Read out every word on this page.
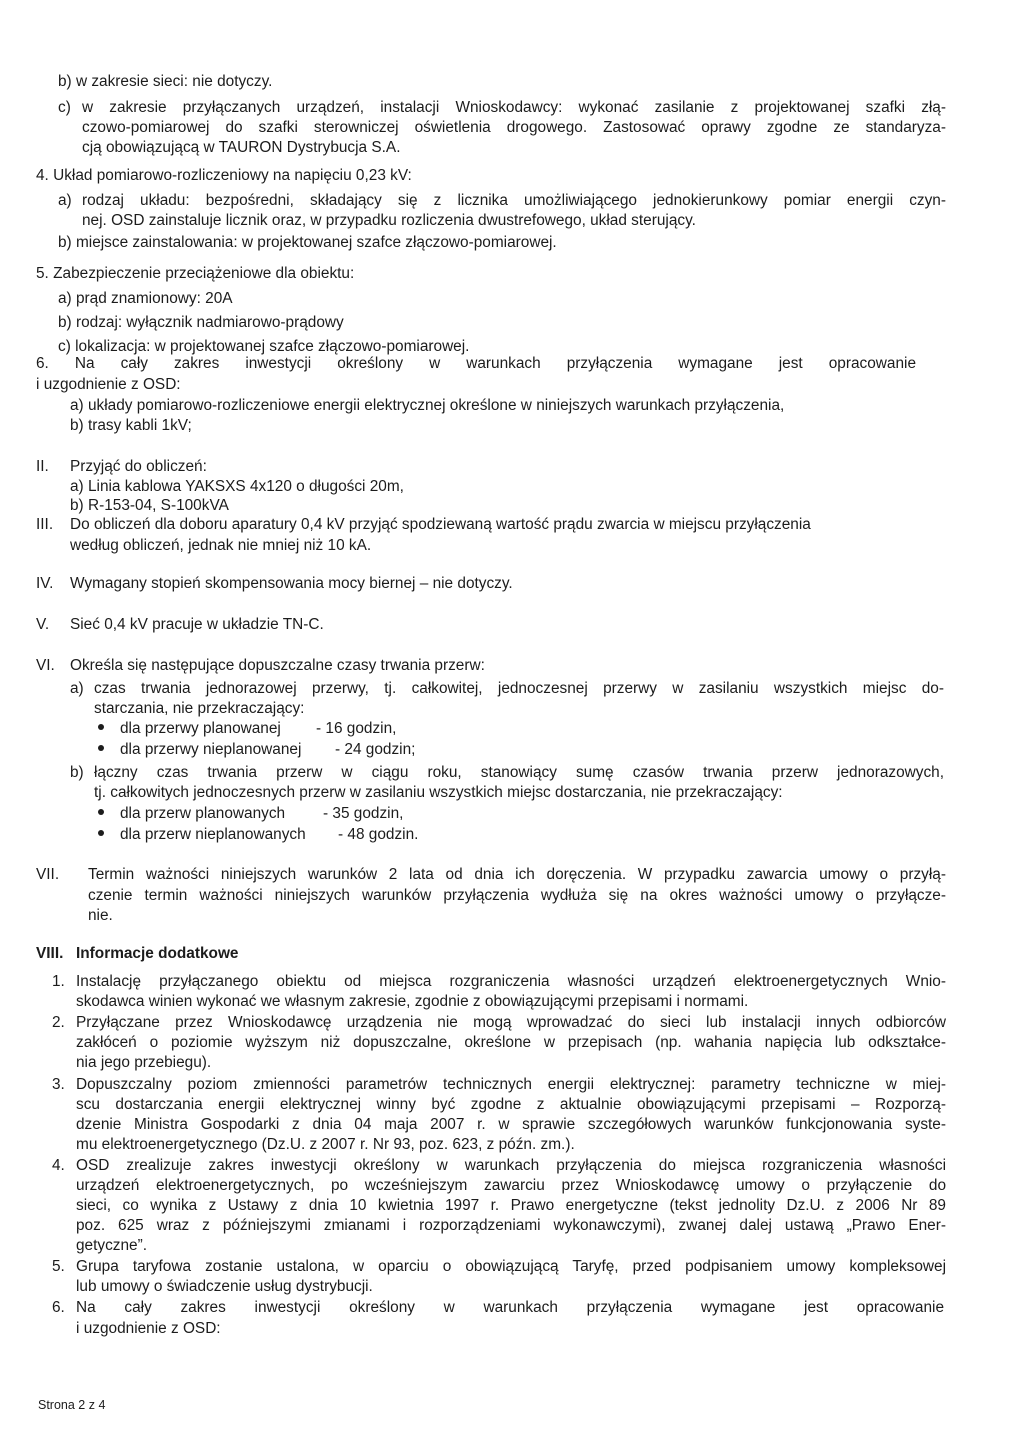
b) w zakresie sieci: nie dotyczy.
c) w zakresie przyłączanych urządzeń, instalacji Wnioskodawcy: wykonać zasilanie z projektowanej szafki złą-
czowo-pomiarowej do szafki sterowniczej oświetlenia drogowego. Zastosować oprawy zgodne ze standaryza-
cją obowiązującą w TAURON Dystrybucja S.A.
4. Układ pomiarowo-rozliczeniowy na napięciu 0,23 kV:
a) rodzaj układu: bezpośredni, składający się z licznika umożliwiającego jednokierunkowy pomiar energii czyn-
nej. OSD zainstaluje licznik oraz, w przypadku rozliczenia dwustrefowego, układ sterujący.
b) miejsce zainstalowania: w projektowanej szafce złączowo-pomiarowej.
5. Zabezpieczenie przeciążeniowe dla obiektu:
a) prąd znamionowy: 20A
b) rodzaj: wyłącznik nadmiarowo-prądowy
c) lokalizacja: w projektowanej szafce złączowo-pomiarowej.
6. Na cały zakres inwestycji określony w warunkach przyłączenia wymagane jest opracowanie
i uzgodnienie z OSD:
a) układy pomiarowo-rozliczeniowe energii elektrycznej określone w niniejszych warunkach przyłączenia,
b) trasy kabli 1kV;
II. Przyjąć do obliczeń:
a) Linia kablowa YAKSXS 4x120 o długości 20m,
b) R-153-04, S-100kVA
III. Do obliczeń dla doboru aparatury 0,4 kV przyjąć spodziewaną wartość prądu zwarcia w miejscu przyłączenia
według obliczeń, jednak nie mniej niż 10 kA.
IV. Wymagany stopień skompensowania mocy biernej – nie dotyczy.
V. Sieć 0,4 kV pracuje w układzie TN-C.
VI. Określa się następujące dopuszczalne czasy trwania przerw:
a) czas trwania jednorazowej przerwy, tj. całkowitej, jednoczesnej przerwy w zasilaniu wszystkich miejsc do-
starczania, nie przekraczający:
dla przerwy planowanej - 16 godzin,
dla przerwy nieplanowanej - 24 godzin;
b) łączny czas trwania przerw w ciągu roku, stanowiący sumę czasów trwania przerw jednorazowych,
tj. całkowitych jednoczesnych przerw w zasilaniu wszystkich miejsc dostarczania, nie przekraczający:
dla przerw planowanych - 35 godzin,
dla przerw nieplanowanych - 48 godzin.
VII. Termin ważności niniejszych warunków 2 lata od dnia ich doręczenia. W przypadku zawarcia umowy o przyłą-
czenie termin ważności niniejszych warunków przyłączenia wydłuża się na okres ważności umowy o przyłącze-
nie.
VIII. Informacje dodatkowe
1. Instalację przyłączanego obiektu od miejsca rozgraniczenia własności urządzeń elektroenergetycznych Wnio-
skodawca winien wykonać we własnym zakresie, zgodnie z obowiązującymi przepisami i normami.
2. Przyłączane przez Wnioskodawcę urządzenia nie mogą wprowadzać do sieci lub instalacji innych odbiorców
zakłóceń o poziomie wyższym niż dopuszczalne, określone w przepisach (np. wahania napięcia lub odkształce-
nia jego przebiegu).
3. Dopuszczalny poziom zmienności parametrów technicznych energii elektrycznej: parametry techniczne w miej-
scu dostarczania energii elektrycznej winny być zgodne z aktualnie obowiązującymi przepisami – Rozporzą-
dzenie Ministra Gospodarki z dnia 04 maja 2007 r. w sprawie szczegółowych warunków funkcjonowania syste-
mu elektroenergetycznego (Dz.U. z 2007 r. Nr 93, poz. 623, z późn. zm.).
4. OSD zrealizuje zakres inwestycji określony w warunkach przyłączenia do miejsca rozgraniczenia własności
urządzeń elektroenergetycznych, po wcześniejszym zawarciu przez Wnioskodawcę umowy o przyłączenie do
sieci, co wynika z Ustawy z dnia 10 kwietnia 1997 r. Prawo energetyczne (tekst jednolity Dz.U. z 2006 Nr 89
poz. 625 wraz z późniejszymi zmianami i rozporządzeniami wykonawczymi), zwanej dalej ustawą „Prawo Ener-
getyczne”.
5. Grupa taryfowa zostanie ustalona, w oparciu o obowiązującą Taryfę, przed podpisaniem umowy kompleksowej
lub umowy o świadczenie usług dystrybucji.
6. Na cały zakres inwestycji określony w warunkach przyłączenia wymagane jest opracowanie
i uzgodnienie z OSD:
Strona 2 z 4
